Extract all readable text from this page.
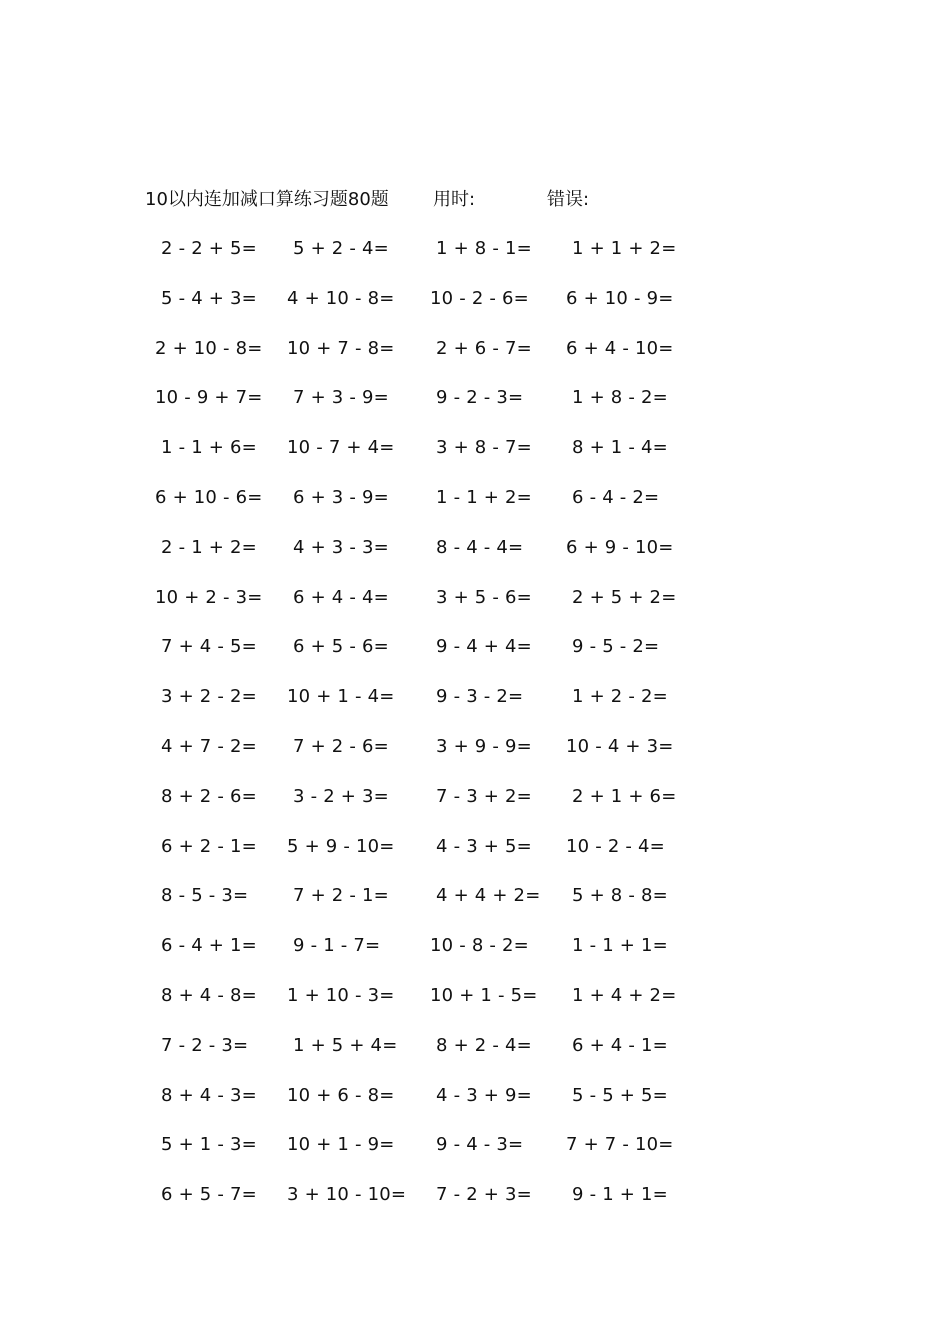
10以内连加减口算练习题80题 用时:	错误:
2 - 2 + 5= 5 + 2 - 4=	1 + 8 - 1= 1 + 1 + 2=
5 - 4 + 3= 4 + 10 - 8= 10 - 2 - 6= 6 + 10 - 9=
2 + 10 - 8= 10 + 7 - 8= 2 + 6 - 7= 6 + 4 - 10=
10 - 9 + 7= 7 + 3 - 9=	9 - 2 - 3=	1 + 8 - 2=
1 - 1 + 6= 10 - 7 + 4= 3 + 8 - 7= 8 + 1 - 4=
6 + 10 - 6= 6 + 3 - 9=	1 - 1 + 2= 6 - 4 - 2=
2 - 1 + 2= 4 + 3 - 3=	8 - 4 - 4= 6 + 9 - 10=
10 + 2 - 3= 6 + 4 - 4=	3 + 5 - 6= 2 + 5 + 2=
7 + 4 - 5= 6 + 5 - 6=	9 - 4 + 4= 9 - 5 - 2=
3 + 2 - 2= 10 + 1 - 4= 9 - 3 - 2=	1 + 2 - 2=
4 + 7 - 2= 7 + 2 - 6=	3 + 9 - 9= 10 - 4 + 3=
8 + 2 - 6= 3 - 2 + 3=	7 - 3 + 2= 2 + 1 + 6=
6 + 2 - 1= 5 + 9 - 10= 4 - 3 + 5= 10 - 2 - 4=
8 - 5 - 3= 7 + 2 - 1=	4 + 4 + 2= 5 + 8 - 8=
6 - 4 + 1= 9 - 1 - 7=	10 - 8 - 2= 1 - 1 + 1=
8 + 4 - 8= 1 + 10 - 3= 10 + 1 - 5= 1 + 4 + 2=
7 - 2 - 3= 1 + 5 + 4= 8 + 2 - 4= 6 + 4 - 1=
8 + 4 - 3= 10 + 6 - 8= 4 - 3 + 9= 5 - 5 + 5=
5 + 1 - 3= 10 + 1 - 9= 9 - 4 - 3= 7 + 7 - 10=
6 + 5 - 7= 3 + 10 - 10= 7 - 2 + 3= 9 - 1 + 1=
